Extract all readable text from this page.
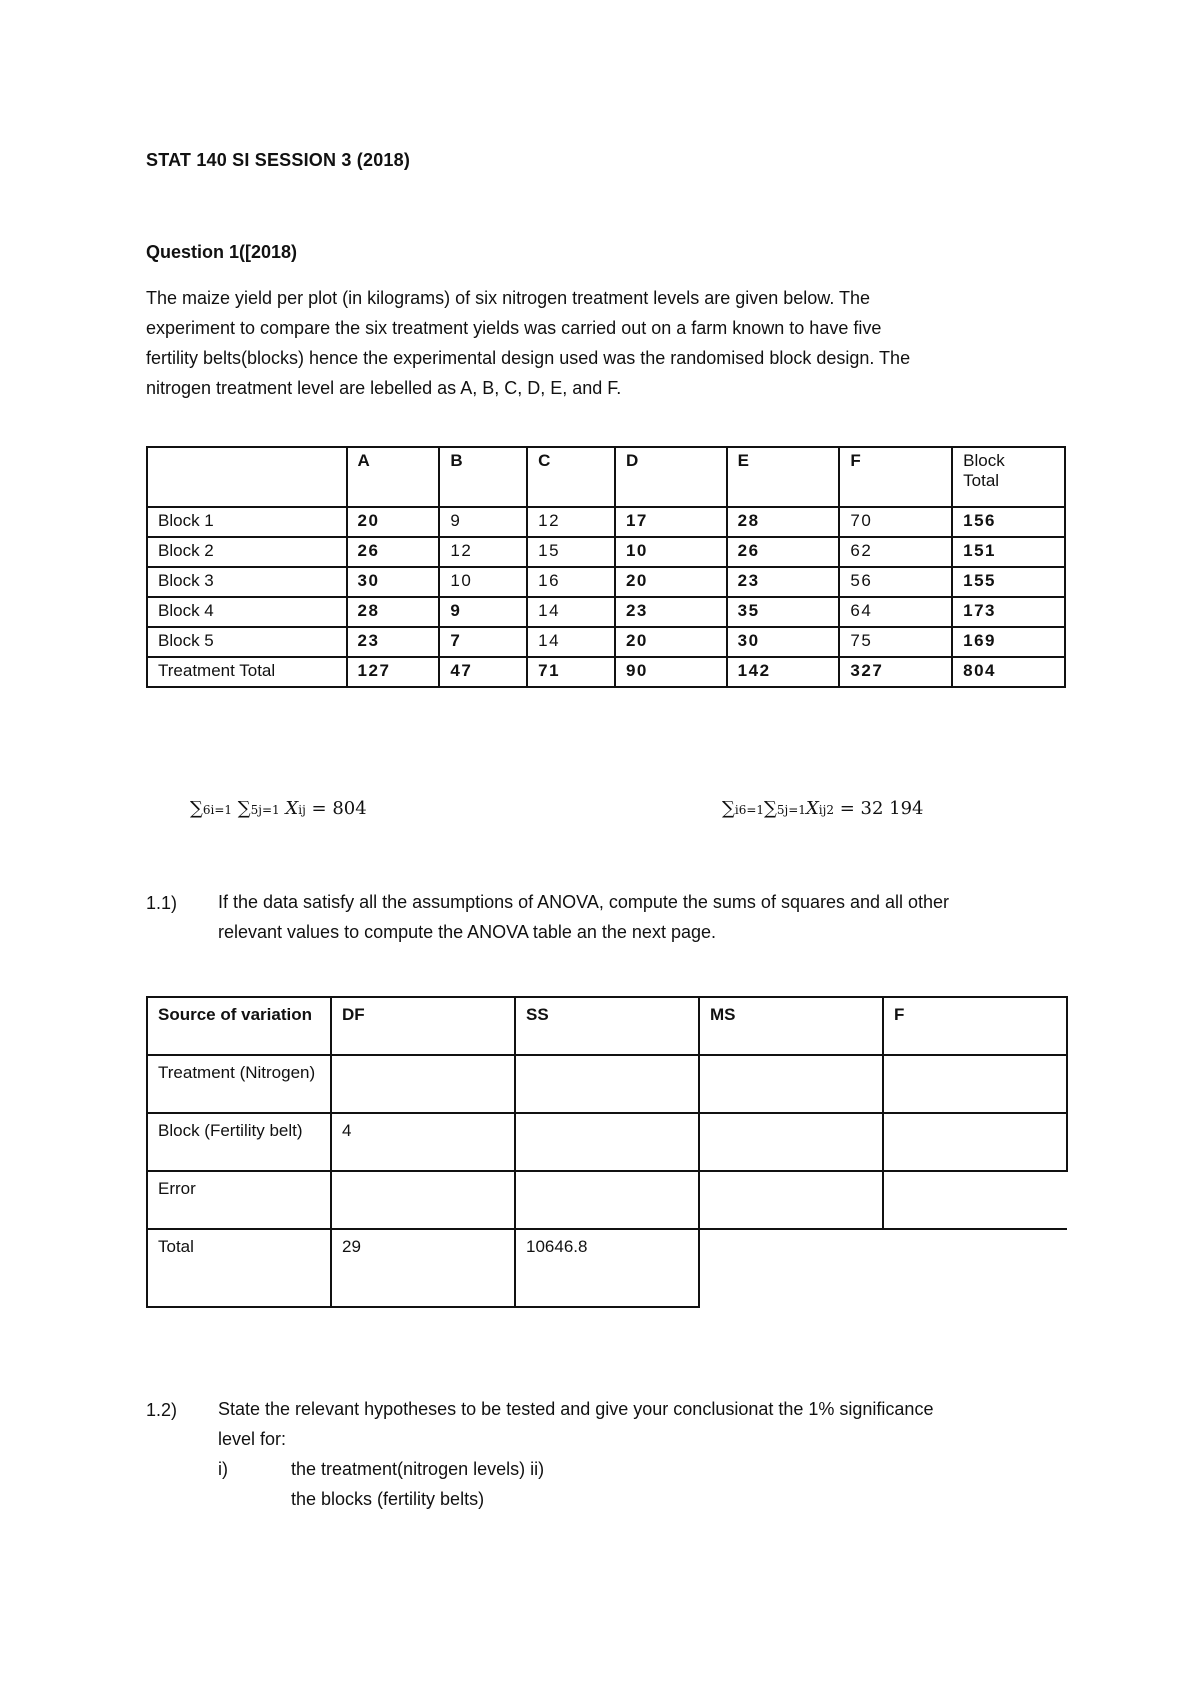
STAT 140 SI SESSION 3 (2018)
Question 1([2018)
The maize yield per plot (in kilograms) of six nitrogen treatment levels are given below. The
experiment to compare the six treatment yields was carried out on a farm known to have five
fertility belts(blocks) hence the experimental design used was the randomised block design. The
nitrogen treatment level are lebelled as A, B, C, D, E, and F.
	A	B	C	D	E	F	Block
Total

Block 1	20	9	12	17	28	70	156
Block 2	26	12	15	10	26	62	151
Block 3	30	10	16	20	23	56	155
Block 4	28	9	14	23	35	64	173
Block 5	23	7	14	20	30	75	169
Treatment Total	127	47	71	90	142	327	804
∑6i=1 ∑5j=1 Xij = 804	∑i6=1∑5j=1Xij2 = 32 194
1.1) If the data satisfy all the assumptions of ANOVA, compute the sums of squares and all other
relevant values to compute the ANOVA table an the next page.
Source of variation	DF	SS	MS	F
Treatment (Nitrogen)				
Block (Fertility belt)	4			
Error				
Total	29	10646.8		
1.2) State the relevant hypotheses to be tested and give your conclusionat the 1% significance
level for:
i)	the treatment(nitrogen levels) ii)
the blocks (fertility belts)
